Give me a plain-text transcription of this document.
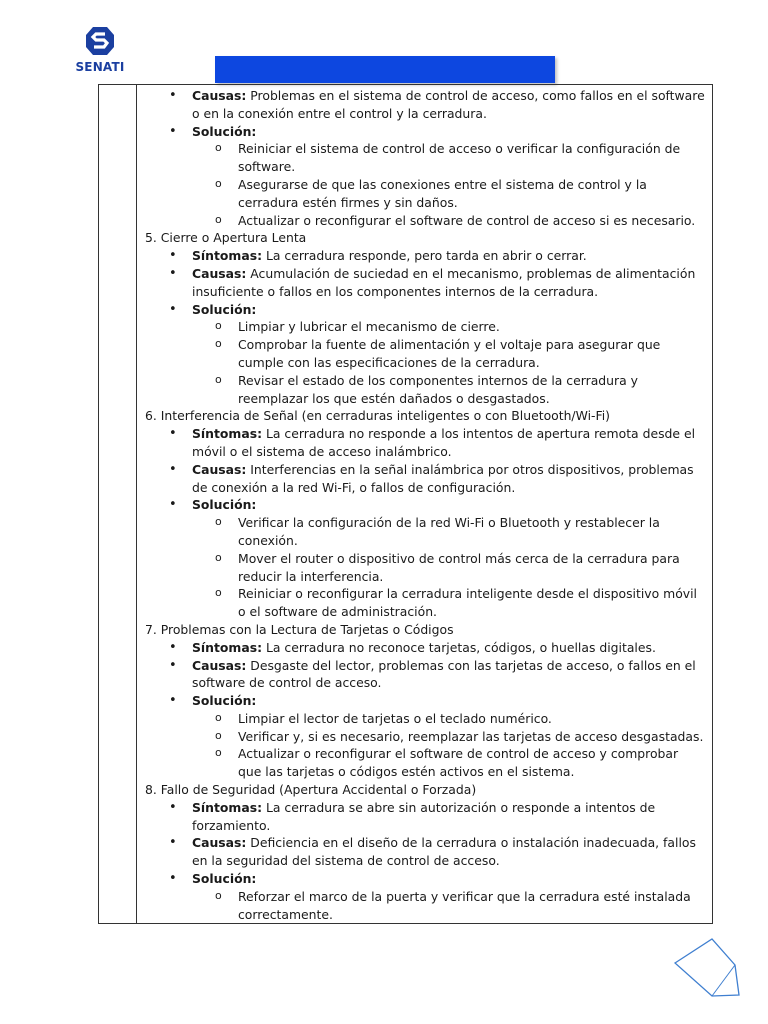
SENATI
• Causas: Problemas en el sistema de control de acceso, como fallos en el software
o en la conexión entre el control y la cerradura.
• Solución:
o Reiniciar el sistema de control de acceso o verificar la configuración de
software.
o Asegurarse de que las conexiones entre el sistema de control y la
cerradura estén firmes y sin daños.
o Actualizar o reconfigurar el software de control de acceso si es necesario.
5. Cierre o Apertura Lenta
• Síntomas: La cerradura responde, pero tarda en abrir o cerrar.
• Causas: Acumulación de suciedad en el mecanismo, problemas de alimentación
insuficiente o fallos en los componentes internos de la cerradura.
• Solución:
o Limpiar y lubricar el mecanismo de cierre.
o Comprobar la fuente de alimentación y el voltaje para asegurar que
cumple con las especificaciones de la cerradura.
o Revisar el estado de los componentes internos de la cerradura y
reemplazar los que estén dañados o desgastados.
6. Interferencia de Señal (en cerraduras inteligentes o con Bluetooth/Wi-Fi)
• Síntomas: La cerradura no responde a los intentos de apertura remota desde el
móvil o el sistema de acceso inalámbrico.
• Causas: Interferencias en la señal inalámbrica por otros dispositivos, problemas
de conexión a la red Wi-Fi, o fallos de configuración.
• Solución:
o Verificar la configuración de la red Wi-Fi o Bluetooth y restablecer la
conexión.
o Mover el router o dispositivo de control más cerca de la cerradura para
reducir la interferencia.
o Reiniciar o reconfigurar la cerradura inteligente desde el dispositivo móvil
o el software de administración.
7. Problemas con la Lectura de Tarjetas o Códigos
• Síntomas: La cerradura no reconoce tarjetas, códigos, o huellas digitales.
• Causas: Desgaste del lector, problemas con las tarjetas de acceso, o fallos en el
software de control de acceso.
• Solución:
o Limpiar el lector de tarjetas o el teclado numérico.
o Verificar y, si es necesario, reemplazar las tarjetas de acceso desgastadas.
o Actualizar o reconfigurar el software de control de acceso y comprobar
que las tarjetas o códigos estén activos en el sistema.
8. Fallo de Seguridad (Apertura Accidental o Forzada)
• Síntomas: La cerradura se abre sin autorización o responde a intentos de
forzamiento.
• Causas: Deficiencia en el diseño de la cerradura o instalación inadecuada, fallos
en la seguridad del sistema de control de acceso.
• Solución:
o Reforzar el marco de la puerta y verificar que la cerradura esté instalada
correctamente.
